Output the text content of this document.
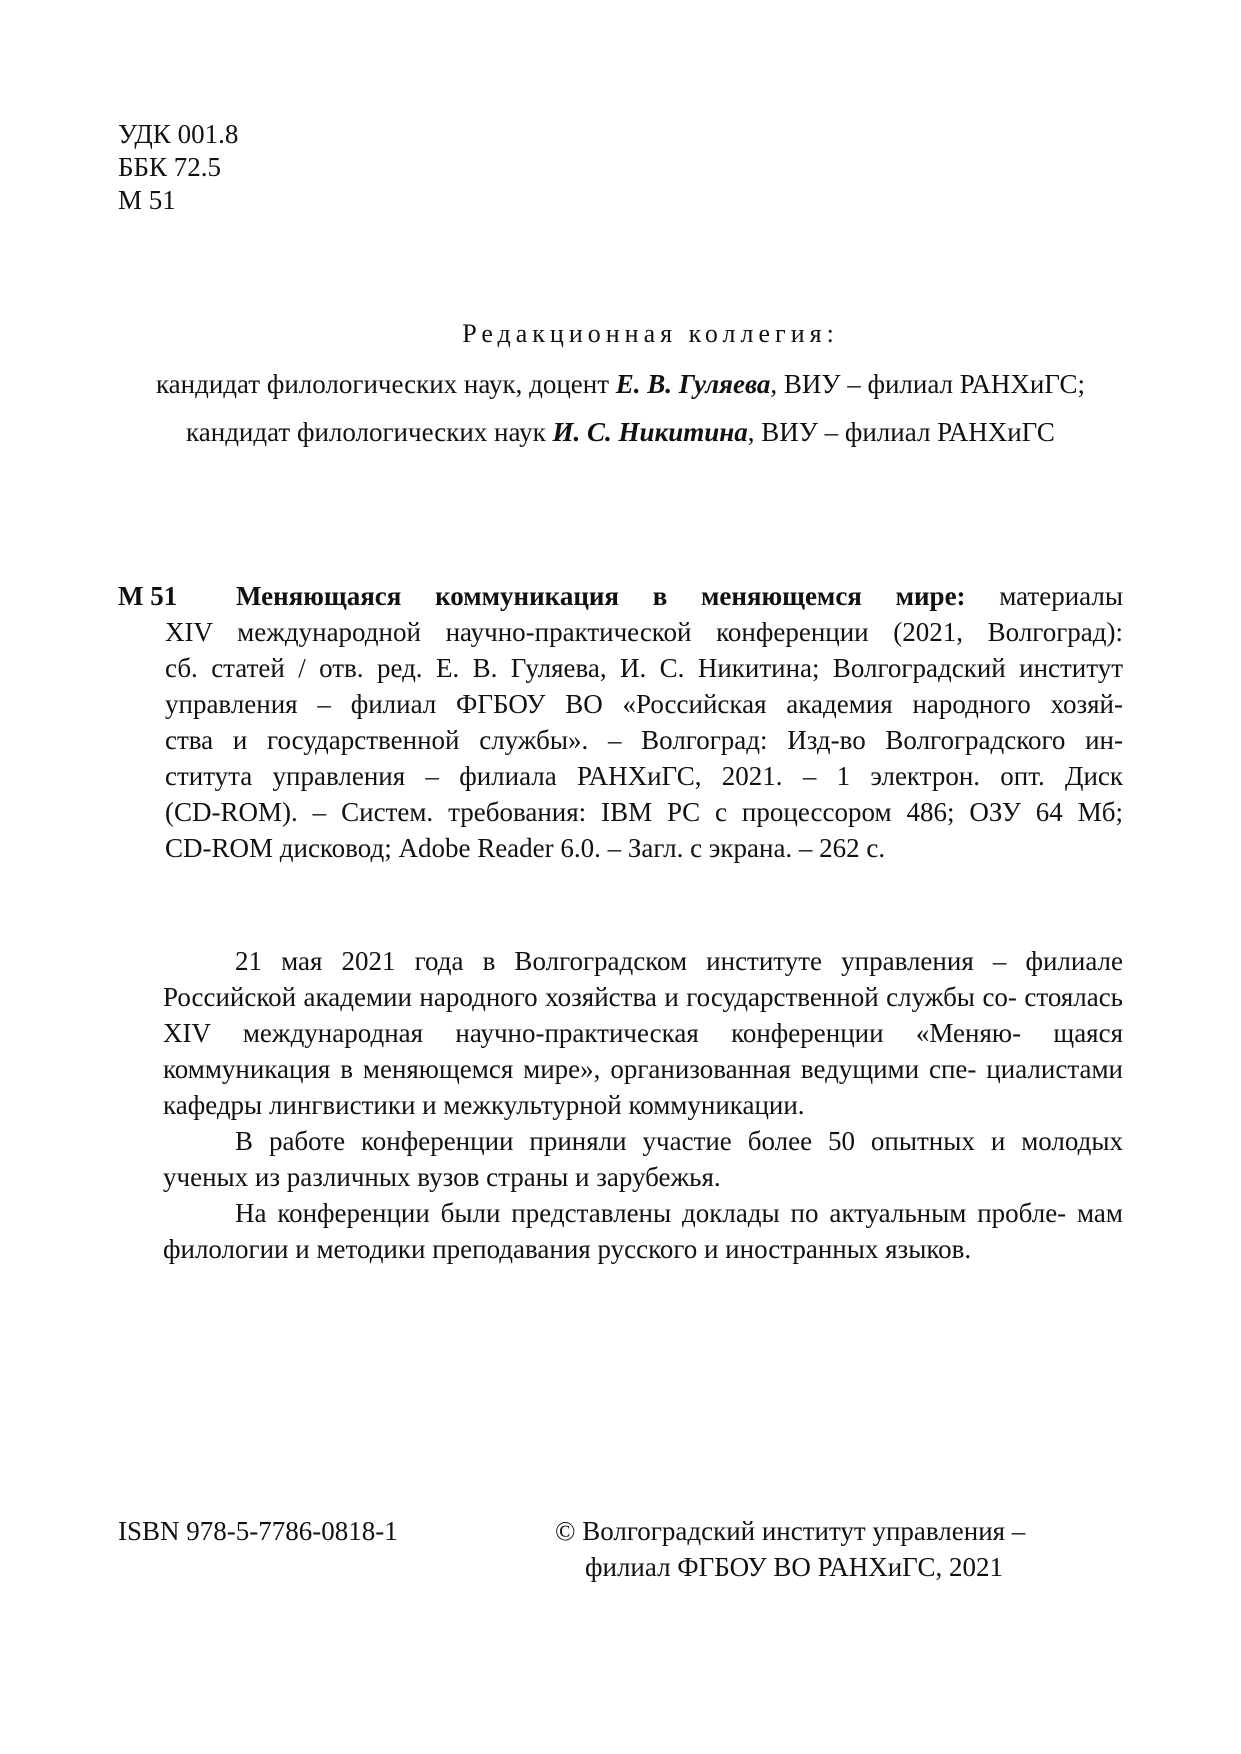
УДК 001.8
ББК 72.5
М 51
Редакционная коллегия:
кандидат филологических наук, доцент Е. В. Гуляева, ВИУ – филиал РАНХиГС;
кандидат филологических наук И. С. Никитина, ВИУ – филиал РАНХиГС
М 51	Меняющаяся коммуникация в меняющемся мире: материалы
XIV международной научно-практической конференции (2021, Волгоград):
сб. статей / отв. ред. Е. В. Гуляева, И. С. Никитина; Волгоградский институт
управления – филиал ФГБОУ ВО «Российская академия народного хозяй-
ства и государственной службы». – Волгоград: Изд-во Волгоградского ин-
ститута управления – филиала РАНХиГС, 2021. – 1 электрон. опт. Диск
(CD-ROM). – Систем. требования: IBM PC с процессором 486; ОЗУ 64 Мб;
CD-ROM дисковод; Adobe Reader 6.0. – Загл. с экрана. – 262 с.

21 мая 2021 года в Волгоградском институте управления – филиале Российской академии народного хозяйства и государственной службы со- стоялась XIV международная научно-практическая конференции «Меняю- щаяся коммуникация в меняющемся мире», организованная ведущими спе- циалистами кафедры лингвистики и межкультурной коммуникации.

В работе конференции приняли участие более 50 опытных и молодых ученых из различных вузов страны и зарубежья.

На конференции были представлены доклады по актуальным пробле- мам филологии и методики преподавания русского и иностранных языков.

ISBN 978-5-7786-0818-1	© Волгоградский институт управления –
филиал ФГБОУ ВО РАНХиГС, 2021
